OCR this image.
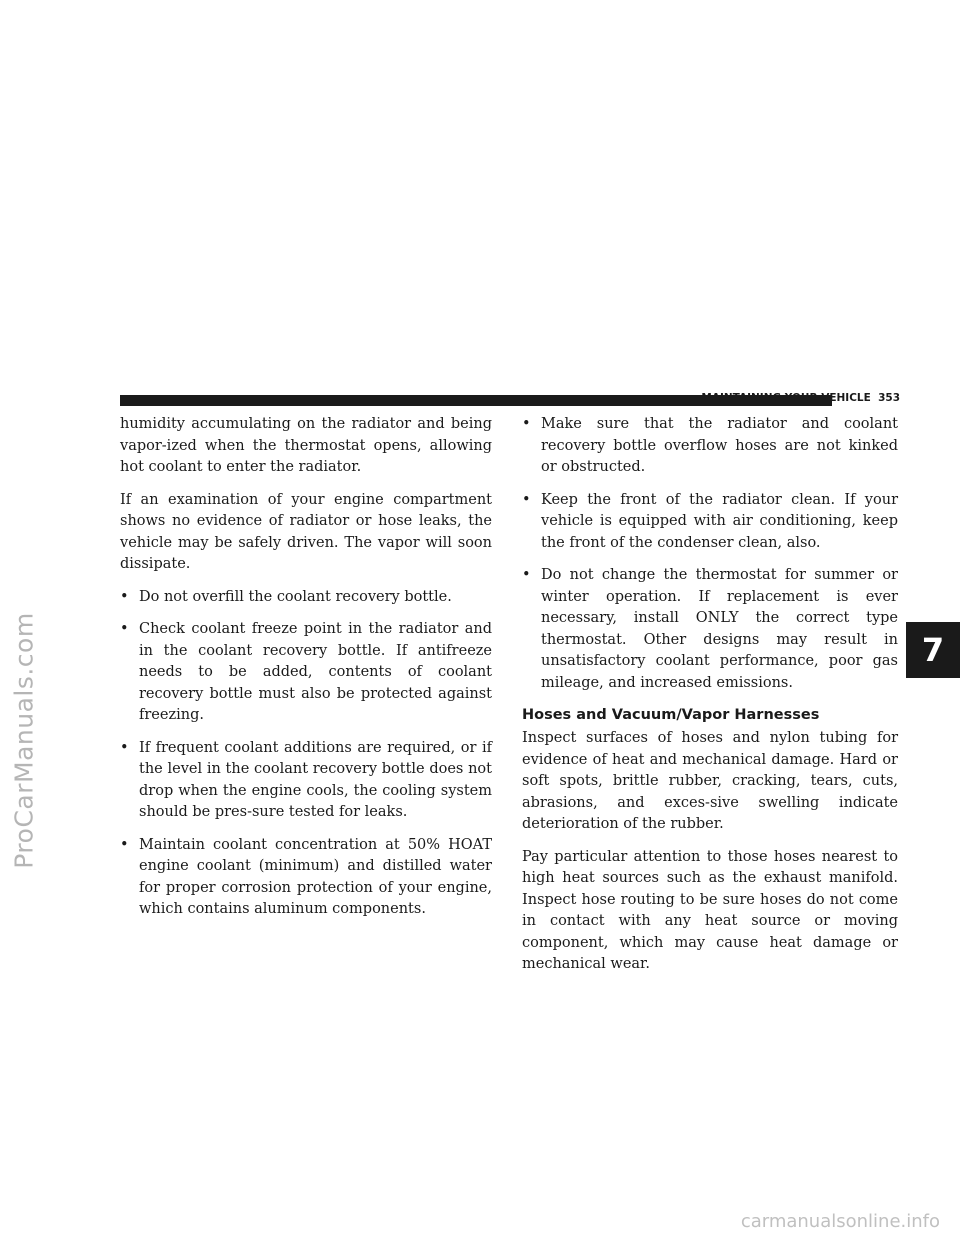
ProCarManuals.com
MAINTAINING YOUR VEHICLE 353
7

humidity accumulating on the radiator and being vapor-ized when the thermostat opens, allowing hot coolant to enter the radiator.

If an examination of your engine compartment shows no evidence of radiator or hose leaks, the vehicle may be safely driven. The vapor will soon dissipate.

• Do not overfill the coolant recovery bottle.
• Check coolant freeze point in the radiator and in the coolant recovery bottle. If antifreeze needs to be added, contents of coolant recovery bottle must also be protected against freezing.
• If frequent coolant additions are required, or if the level in the coolant recovery bottle does not drop when the engine cools, the cooling system should be pres-sure tested for leaks.
• Maintain coolant concentration at 50% HOAT engine coolant (minimum) and distilled water for proper corrosion protection of your engine, which contains aluminum components.
• Make sure that the radiator and coolant recovery bottle overflow hoses are not kinked or obstructed.
• Keep the front of the radiator clean. If your vehicle is equipped with air conditioning, keep the front of the condenser clean, also.
• Do not change the thermostat for summer or winter operation. If replacement is ever necessary, install ONLY the correct type thermostat. Other designs may result in unsatisfactory coolant performance, poor gas mileage, and increased emissions.
Hoses and Vacuum/Vapor Harnesses

Inspect surfaces of hoses and nylon tubing for evidence of heat and mechanical damage. Hard or soft spots, brittle rubber, cracking, tears, cuts, abrasions, and exces-sive swelling indicate deterioration of the rubber.

Pay particular attention to those hoses nearest to high heat sources such as the exhaust manifold. Inspect hose routing to be sure hoses do not come in contact with any heat source or moving component, which may cause heat damage or mechanical wear.

carmanualsonline.info
